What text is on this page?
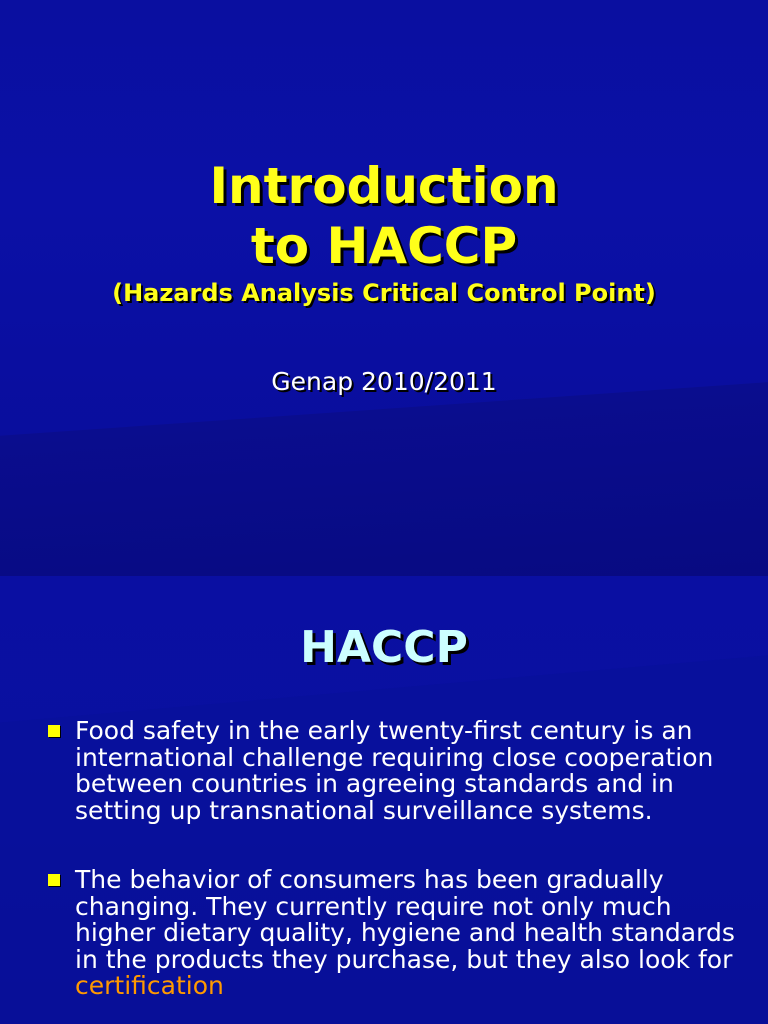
Introduction
to HACCP
(Hazards Analysis Critical Control Point)
Genap 2010/2011
HACCP
Food safety in the early twenty-first century is an international challenge requiring close cooperation between countries in agreeing standards and in setting up transnational surveillance systems.
The behavior of consumers has been gradually changing. They currently require not only much higher dietary quality, hygiene and health standards in the products they purchase, but they also look for certification
